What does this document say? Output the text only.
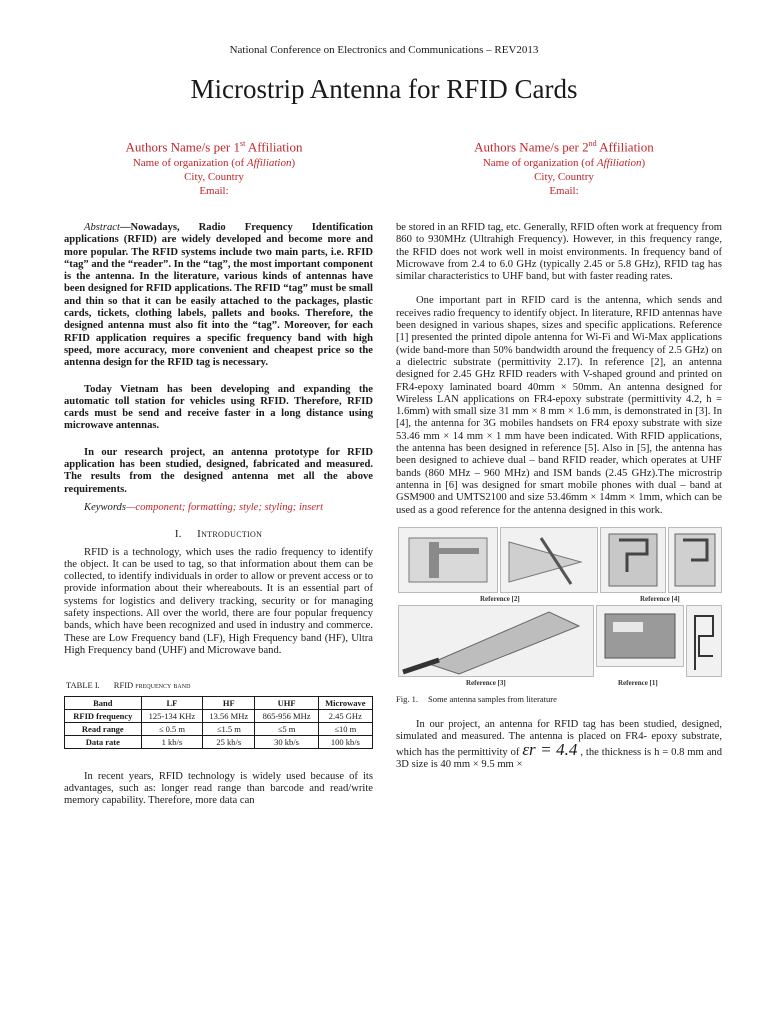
National Conference on Electronics and Communications – REV2013
Microstrip Antenna for RFID Cards
Authors Name/s per 1st Affiliation
Name of organization (of Affiliation)
City, Country
Email:
Authors Name/s per 2nd Affiliation
Name of organization (of Affiliation)
City, Country
Email:

Abstract—Nowadays, Radio Frequency Identification applications (RFID) are widely developed and become more and more popular. The RFID systems include two main parts, i.e. RFID “tag” and the “reader”. In the “tag”, the most important component is the antenna. In the literature, various kinds of antennas have been designed for RFID applications. The RFID “tag” must be small and thin so that it can be easily attached to the packages, plastic cards, tickets, clothing labels, pallets and books. Therefore, the designed antenna must also fit into the “tag”. Moreover, for each RFID application requires a specific frequency band with high speed, more accuracy, more convenient and cheapest price so the antenna design for the RFID tag is necessary.

Today Vietnam has been developing and expanding the automatic toll station for vehicles using RFID. Therefore, RFID cards must be send and receive faster in a long distance using microwave antennas.

In our research project, an antenna prototype for RFID application has been studied, designed, fabricated and measured. The results from the designed antenna met all the above requirements.

Keywords—component; formatting; style; styling; insert

I. Introduction

RFID is a technology, which uses the radio frequency to identify the object. It can be used to tag, so that information about them can be collected, to identify individuals in order to allow or prevent access or to provide information about their whereabouts. It is an essential part of systems for logistics and delivery tracking, security or for managing safety inspections. All over the world, there are four popular frequency bands, which have been recognized and used in industry and commerce. These are Low Frequency band (LF), High Frequency band (HF), Ultra High Frequency band (UHF) and Microwave band.

TABLE I. RFID frequency band
Band	LF	HF	UHF	Microwave
RFID frequency	125-134 KHz	13.56 MHz	865-956 MHz	2.45 GHz
Read range	≤ 0.5 m	≤1.5 m	≤5 m	≤10 m
Data rate	1 kb/s	25 kb/s	30 kb/s	100 kb/s

In recent years, RFID technology is widely used because of its advantages, such as: longer read range than barcode and read/write memory capability. Therefore, more data can

be stored in an RFID tag, etc. Generally, RFID often work at frequency from 860 to 930MHz (Ultrahigh Frequency). However, in this frequency range, the RFID does not work well in moist environments. In frequency band of Microwave from 2.4 to 6.0 GHz (typically 2.45 or 5.8 GHz), RFID tag has similar characteristics to UHF band, but with faster reading rates.

One important part in RFID card is the antenna, which sends and receives radio frequency to identify object. In literature, RFID antennas have been designed in various shapes, sizes and specific applications. Reference [1] presented the printed dipole antenna for Wi-Fi and Wi-Max applications (wide band-more than 50% bandwidth around the frequency of 2.5 GHz) on a dielectric substrate (permittivity 2.17). In reference [2], an antenna designed for 2.45 GHz RFID readers with V-shaped ground and printed on FR4-epoxy laminated board 40mm × 50mm. An antenna designed for Wireless LAN applications on FR4-epoxy substrate (permittivity 4.2, h = 1.6mm) with small size 31 mm × 8 mm × 1.6 mm, is demonstrated in [3]. In [4], the antenna for 3G mobiles handsets on FR4 epoxy substrate with size 53.46 mm × 14 mm × 1 mm have been indicated. With RFID applications, the antenna has been designed in reference [5]. Also in [5], the antenna has been designed to achieve dual – band RFID reader, which operates at UHF bands (860 MHz – 960 MHz) and ISM bands (2.45 GHz).The microstrip antenna in [6] was designed for smart mobile phones with dual – band at GSM900 and UMTS2100 and size 53.46mm × 14mm × 1mm, which can be used as a good reference for the antenna designed in this work.

Reference [2]	Reference [4]
Reference [3]	Reference [1]
Fig. 1. Some antenna samples from literature

In our project, an antenna for RFID tag has been studied, designed, simulated and measured. The antenna is placed on FR4- epoxy substrate, which has the permittivity of εr = 4.4 , the thickness is h = 0.8 mm and 3D size is 40 mm × 9.5 mm ×
